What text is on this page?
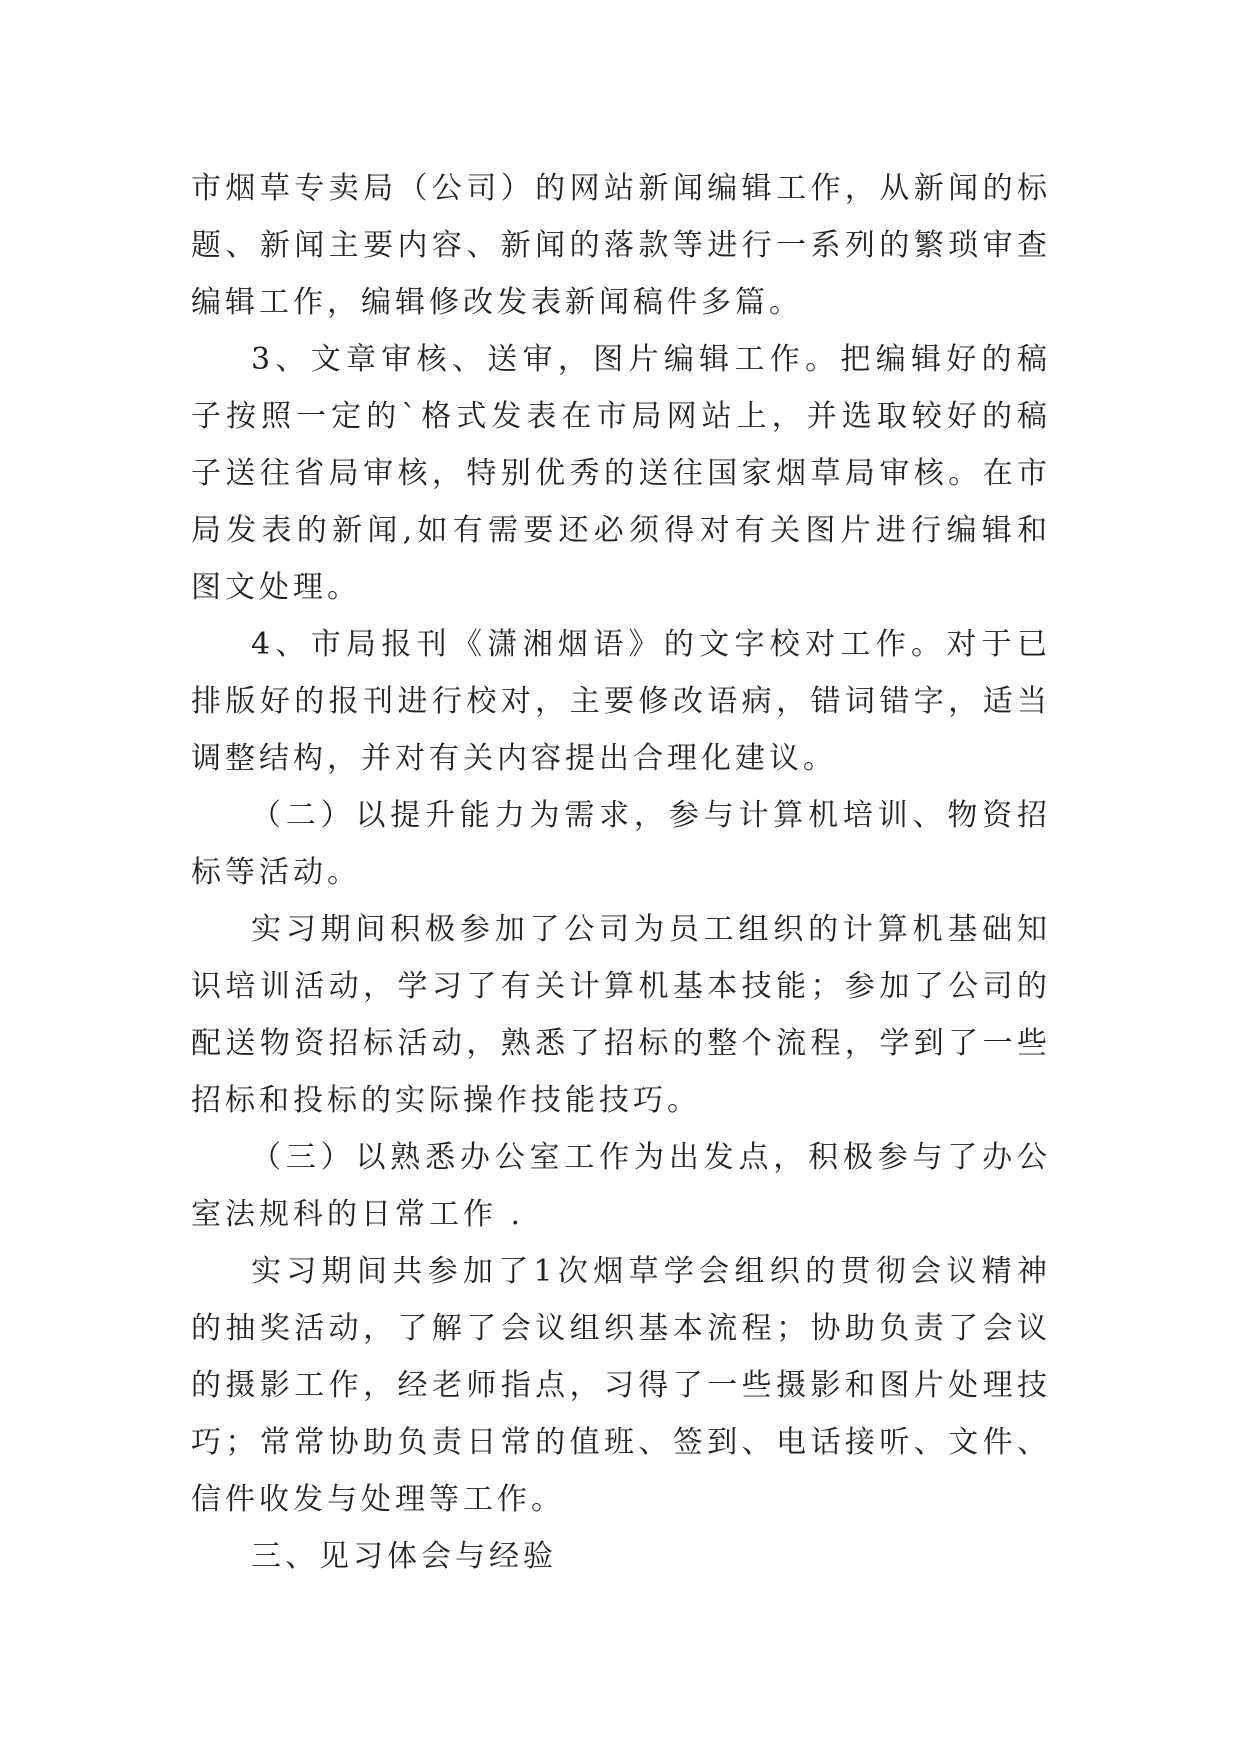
市烟草专卖局（公司）的网站新闻编辑工作，从新闻的标题、新闻主要内容、新闻的落款等进行一系列的繁琐审查编辑工作，编辑修改发表新闻稿件多篇。

3、文章审核、送审，图片编辑工作。把编辑好的稿子按照一定的`格式发表在市局网站上，并选取较好的稿子送往省局审核，特别优秀的送往国家烟草局审核。在市局发表的新闻,如有需要还必须得对有关图片进行编辑和图文处理。

4、市局报刊《潇湘烟语》的文字校对工作。对于已排版好的报刊进行校对，主要修改语病，错词错字，适当调整结构，并对有关内容提出合理化建议。

（二）以提升能力为需求，参与计算机培训、物资招标等活动。

实习期间积极参加了公司为员工组织的计算机基础知识培训活动，学习了有关计算机基本技能；参加了公司的配送物资招标活动，熟悉了招标的整个流程，学到了一些招标和投标的实际操作技能技巧。

（三）以熟悉办公室工作为出发点，积极参与了办公室法规科的日常工作 .

实习期间共参加了1次烟草学会组织的贯彻会议精神的抽奖活动，了解了会议组织基本流程；协助负责了会议的摄影工作，经老师指点，习得了一些摄影和图片处理技巧；常常协助负责日常的值班、签到、电话接听、文件、信件收发与处理等工作。

三、见习体会与经验
